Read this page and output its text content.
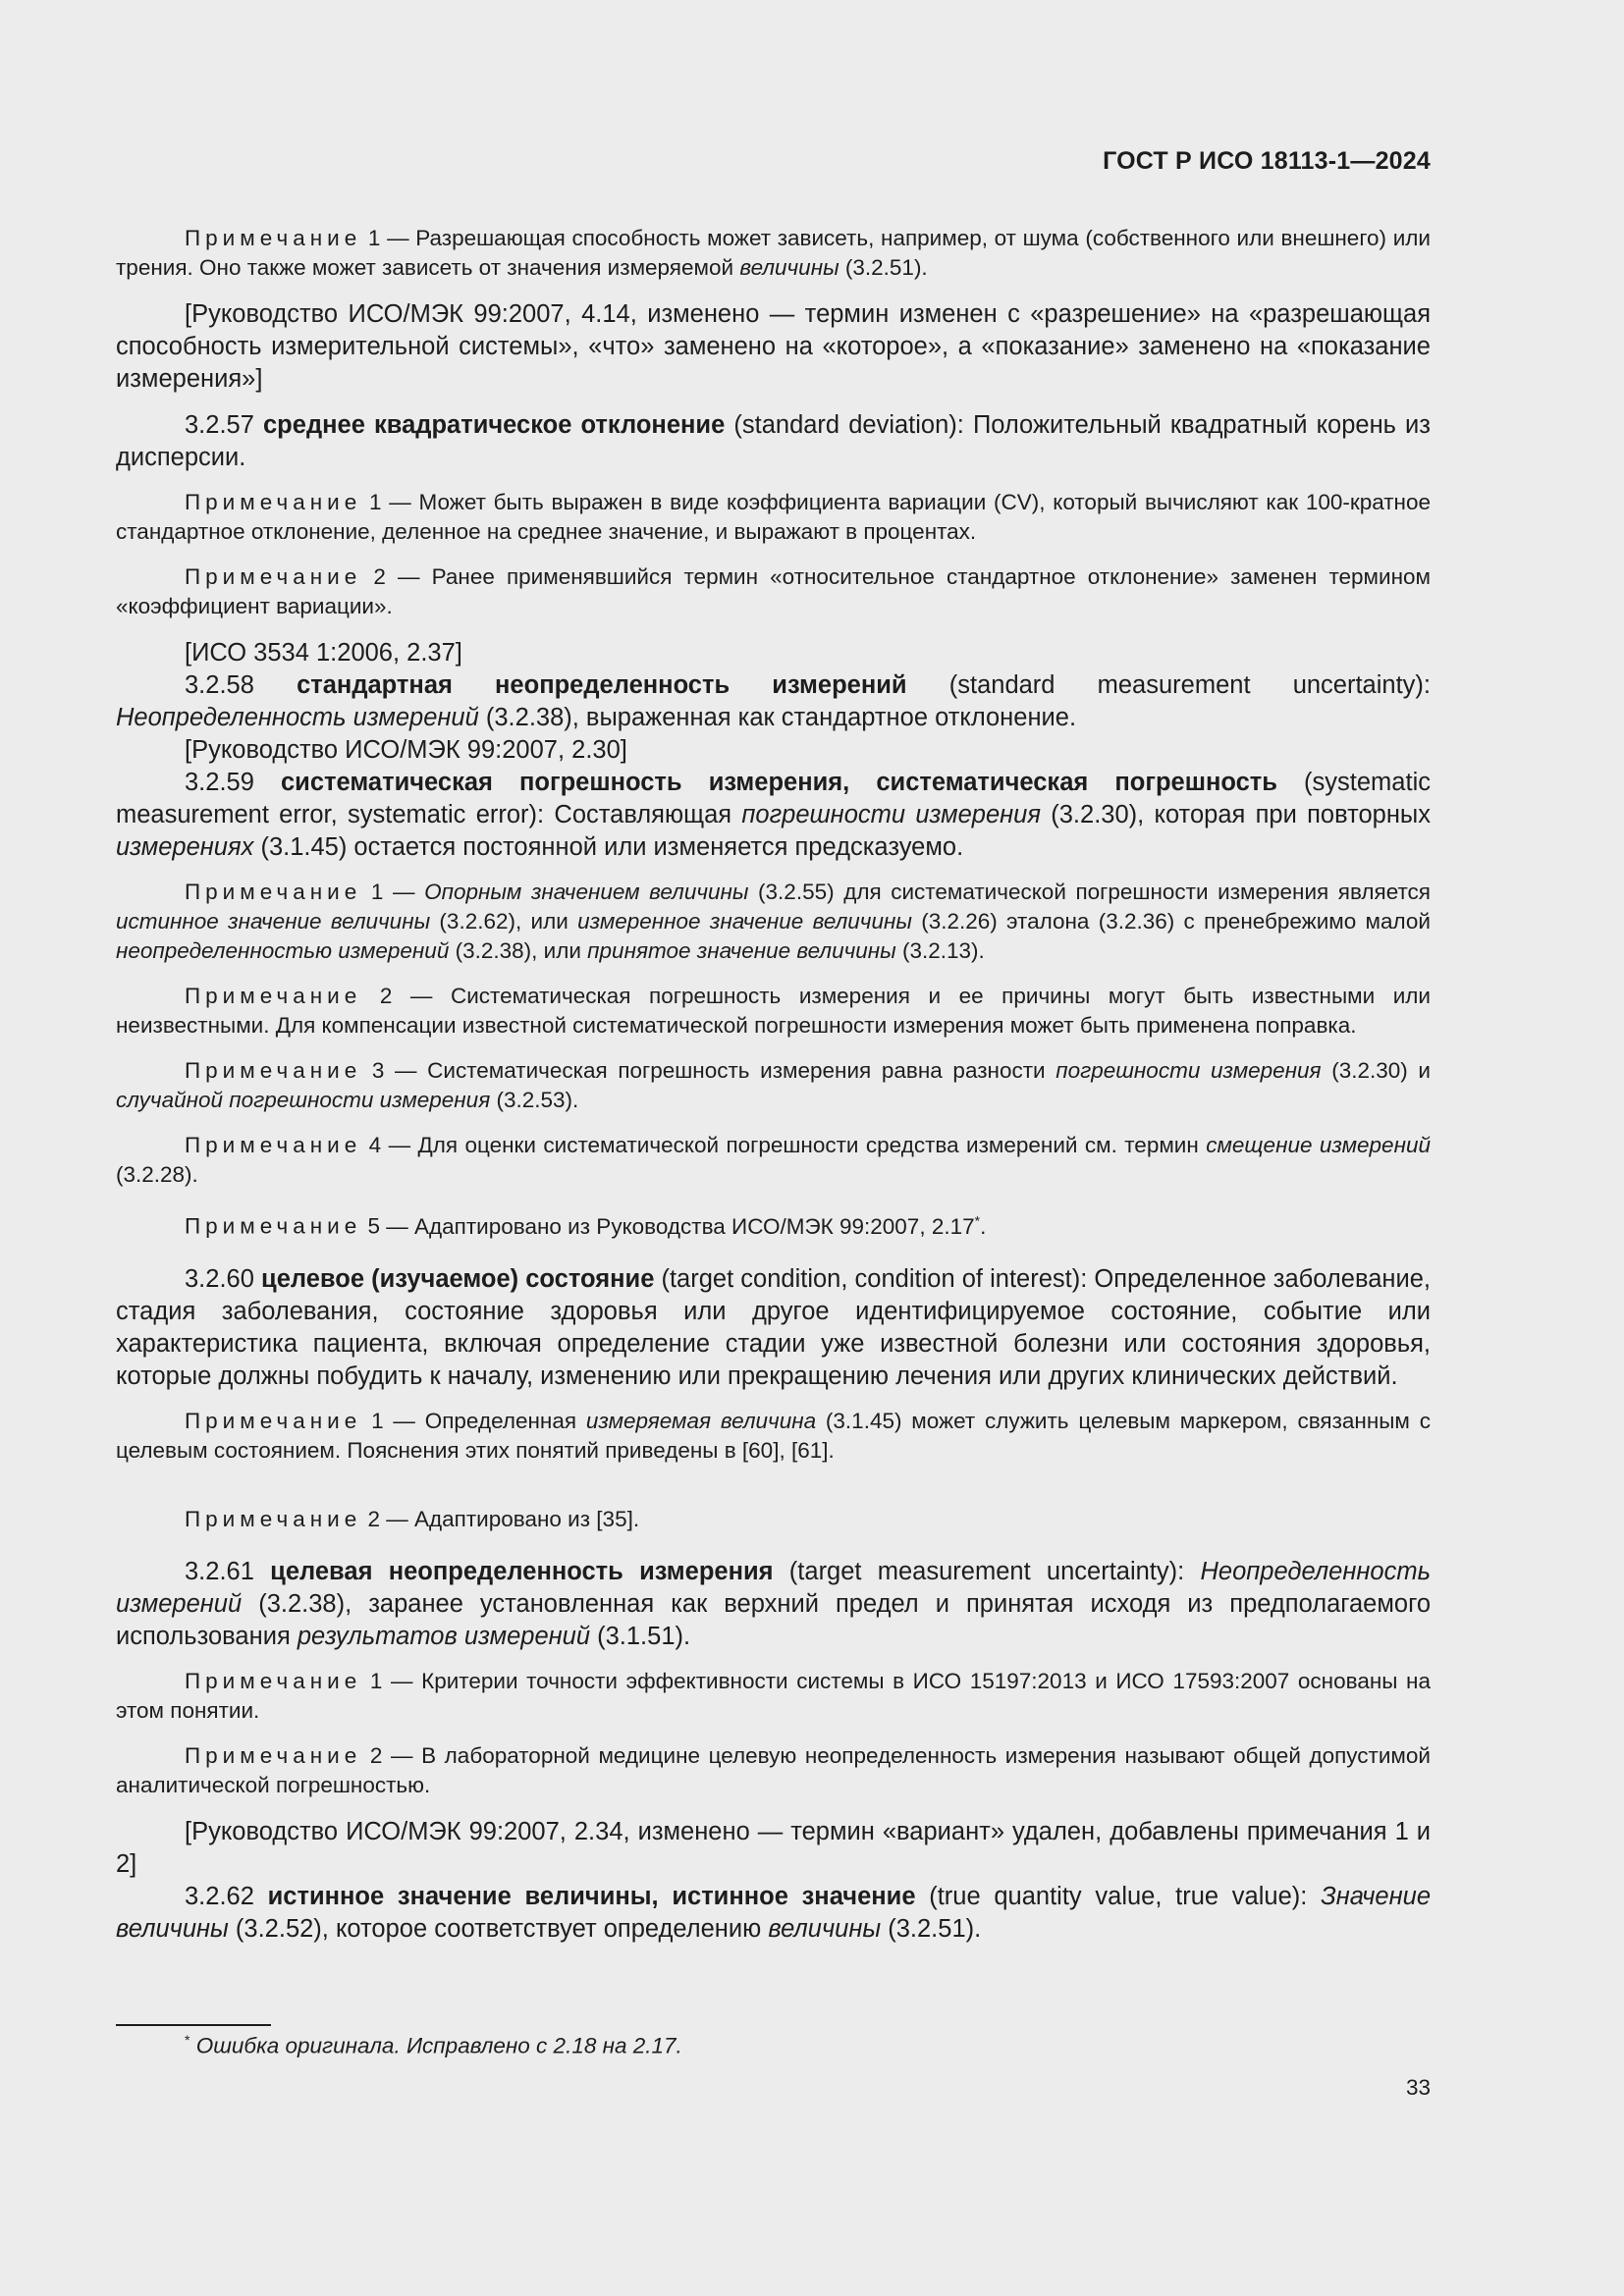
ГОСТ Р ИСО 18113-1—2024

Примечание 1 — Разрешающая способность может зависеть, например, от шума (собственного или внешнего) или трения. Оно также может зависеть от значения измеряемой величины (3.2.51).

[Руководство ИСО/МЭК 99:2007, 4.14, изменено — термин изменен с «разрешение» на «разрешающая способность измерительной системы», «что» заменено на «которое», а «показание» заменено на «показание измерения»]

3.2.57 среднее квадратическое отклонение (standard deviation): Положительный квадратный корень из дисперсии.

Примечание 1 — Может быть выражен в виде коэффициента вариации (CV), который вычисляют как 100-кратное стандартное отклонение, деленное на среднее значение, и выражают в процентах.

Примечание 2 — Ранее применявшийся термин «относительное стандартное отклонение» заменен термином «коэффициент вариации».

[ИСО 3534 1:2006, 2.37]

3.2.58 стандартная неопределенность измерений (standard measurement uncertainty): Неопределенность измерений (3.2.38), выраженная как стандартное отклонение.

[Руководство ИСО/МЭК 99:2007, 2.30]

3.2.59 систематическая погрешность измерения, систематическая погрешность (systematic measurement error, systematic error): Составляющая погрешности измерения (3.2.30), которая при повторных измерениях (3.1.45) остается постоянной или изменяется предсказуемо.

Примечание 1 — Опорным значением величины (3.2.55) для систематической погрешности измерения является истинное значение величины (3.2.62), или измеренное значение величины (3.2.26) эталона (3.2.36) с пренебрежимо малой неопределенностью измерений (3.2.38), или принятое значение величины (3.2.13).

Примечание 2 — Систематическая погрешность измерения и ее причины могут быть известными или неизвестными. Для компенсации известной систематической погрешности измерения может быть применена поправка.

Примечание 3 — Систематическая погрешность измерения равна разности погрешности измерения (3.2.30) и случайной погрешности измерения (3.2.53).

Примечание 4 — Для оценки систематической погрешности средства измерений см. термин смещение измерений (3.2.28).

Примечание 5 — Адаптировано из Руководства ИСО/МЭК 99:2007, 2.17*.

3.2.60 целевое (изучаемое) состояние (target condition, condition of interest): Определенное заболевание, стадия заболевания, состояние здоровья или другое идентифицируемое состояние, событие или характеристика пациента, включая определение стадии уже известной болезни или состояния здоровья, которые должны побудить к началу, изменению или прекращению лечения или других клинических действий.

Примечание 1 — Определенная измеряемая величина (3.1.45) может служить целевым маркером, связанным с целевым состоянием. Пояснения этих понятий приведены в [60], [61].

Примечание 2 — Адаптировано из [35].

3.2.61 целевая неопределенность измерения (target measurement uncertainty): Неопределенность измерений (3.2.38), заранее установленная как верхний предел и принятая исходя из предполагаемого использования результатов измерений (3.1.51).

Примечание 1 — Критерии точности эффективности системы в ИСО 15197:2013 и ИСО 17593:2007 основаны на этом понятии.

Примечание 2 — В лабораторной медицине целевую неопределенность измерения называют общей допустимой аналитической погрешностью.

[Руководство ИСО/МЭК 99:2007, 2.34, изменено — термин «вариант» удален, добавлены примечания 1 и 2]

3.2.62 истинное значение величины, истинное значение (true quantity value, true value): Значение величины (3.2.52), которое соответствует определению величины (3.2.51).

* Ошибка оригинала. Исправлено с 2.18 на 2.17.
33
